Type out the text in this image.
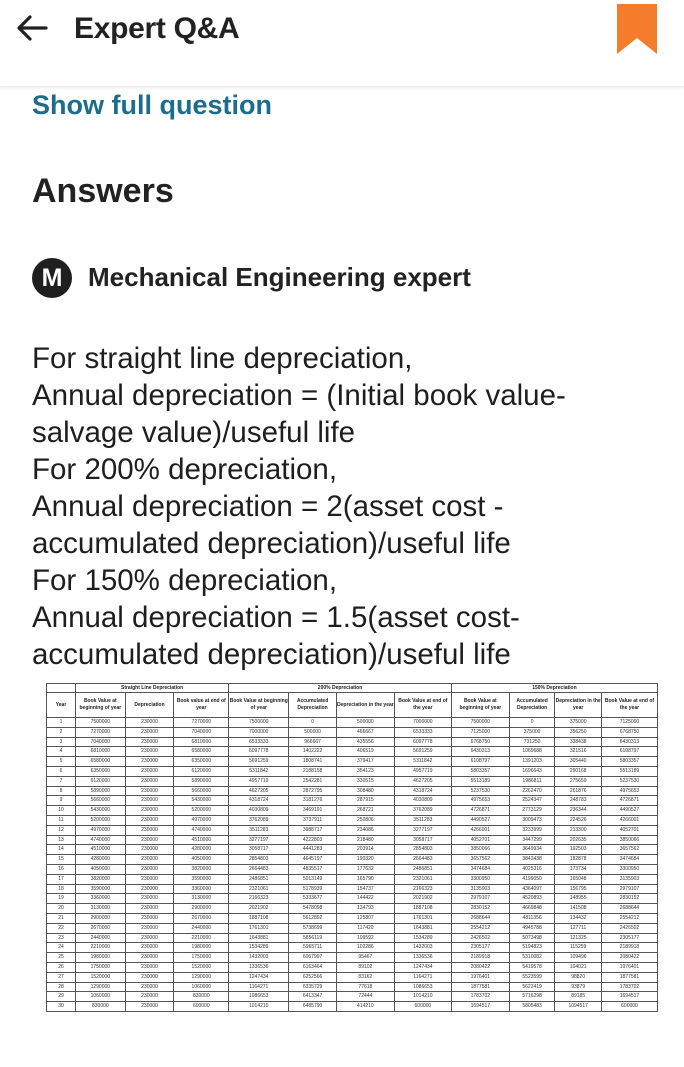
Expert Q&A
Show full question
Answers
M Mechanical Engineering expert
For straight line depreciation,
Annual depreciation = (Initial book value-
salvage value)/useful life
For 200% depreciation,
Annual depreciation = 2(asset cost -
accumulated depreciation)/useful life
For 150% depreciation,
Annual depreciation = 1.5(asset cost-
accumulated depreciation)/useful life
	Straight Line Depreciation			200% Depreciation				150% Depreciation			
Year	Book Value at beginning of year	Depreciation	Book value at end of year	Book Value at beginning of year	Accumulated Depreciation	Depreciation in the year	Book Value at end of the year	Book Value at beginning of year	Accumulated Depreciation	Depreciation in the year	Book Value at end of the year
1	7500000	230000	7270000	7500000	0	500000	7000000	7500000	0	375000	7125000
2	7270000	230000	7040000	7000000	500000	466667	6533333	7125000	375000	356250	6768750
3	7040000	230000	6810000	6533333	966667	435556	6097778	6768750	731250	338438	6430313
4	6810000	230000	6580000	6097778	1402222	406519	5691259	6430313	1069688	321516	6108797
5	6580000	230000	6350000	5691259	1808741	379417	5311842	6108797	1391203	305440	5803357
6	6350000	230000	6120000	5311842	2188158	354123	4957719	5803357	1696643	290168	5513189
7	6120000	230000	5890000	4957719	2542281	330515	4627205	5513189	1986811	275659	5237530
8	5890000	230000	5660000	4627205	2872795	308480	4318724	5237530	2262470	261876	4975653
9	5660000	230000	5430000	4318724	3181276	287915	4030809	4975653	2524347	248783	4726871
10	5430000	230000	5200000	4030809	3469191	268721	3762089	4726871	2773129	236344	4490527
11	5200000	230000	4970000	3762089	3737911	250806	3511283	4490527	3009473	224526	4266001
12	4970000	230000	4740000	3511283	3988717	234086	3277197	4266001	3233999	213300	4052701
13	4740000	230000	4510000	3277197	4222803	218480	3058717	4052701	3447299	202635	3850066
14	4510000	230000	4280000	3058717	4441283	203914	2854803	3850066	3649934	192503	3657562
15	4280000	230000	4050000	2854803	4645197	190320	2664483	3657562	3842438	182878	3474684
16	4050000	230000	3820000	2664483	4835517	177632	2486851	3474684	4025316	173734	3300950
17	3820000	230000	3590000	2486851	5013149	165790	2321061	3300950	4199050	165048	3135903
18	3590000	230000	3360000	2321061	5178939	154737	2166323	3135903	4364097	156795	2979107
19	3360000	230000	3130000	2166323	5333677	144422	2021902	2979107	4520893	148955	2830152
20	3130000	230000	2900000	2021902	5478098	134793	1887108	2830152	4669848	141508	2688644
21	2900000	230000	2670000	1887108	5612892	125807	1761301	2688644	4811356	134432	2554212
22	2670000	230000	2440000	1761301	5738699	117420	1643881	2554212	4945788	127711	2426502
23	2440000	230000	2210000	1643881	5856119	109592	1534289	2426502	5073498	121325	2305177
24	2210000	230000	1980000	1534289	5965711	102286	1432003	2305177	5194823	115259	2189918
25	1980000	230000	1750000	1432003	6067997	95467	1336536	2189918	5310082	109496	2080422
26	1750000	230000	1520000	1336536	6163464	89102	1247434	2080422	5419578	104021	1976401
27	1520000	230000	1290000	1247434	6252566	83162	1164271	1976401	5523599	98820	1877581
28	1290000	230000	1060000	1164271	6335729	77618	1086653	1877581	5622419	93879	1783702
29	1060000	230000	830000	1086653	6413347	72444	1014210	1783702	5716298	89185	1694517
30	830000	230000	600000	1014210	6485790	414210	600000	1694517	5805483	1094517	600000
